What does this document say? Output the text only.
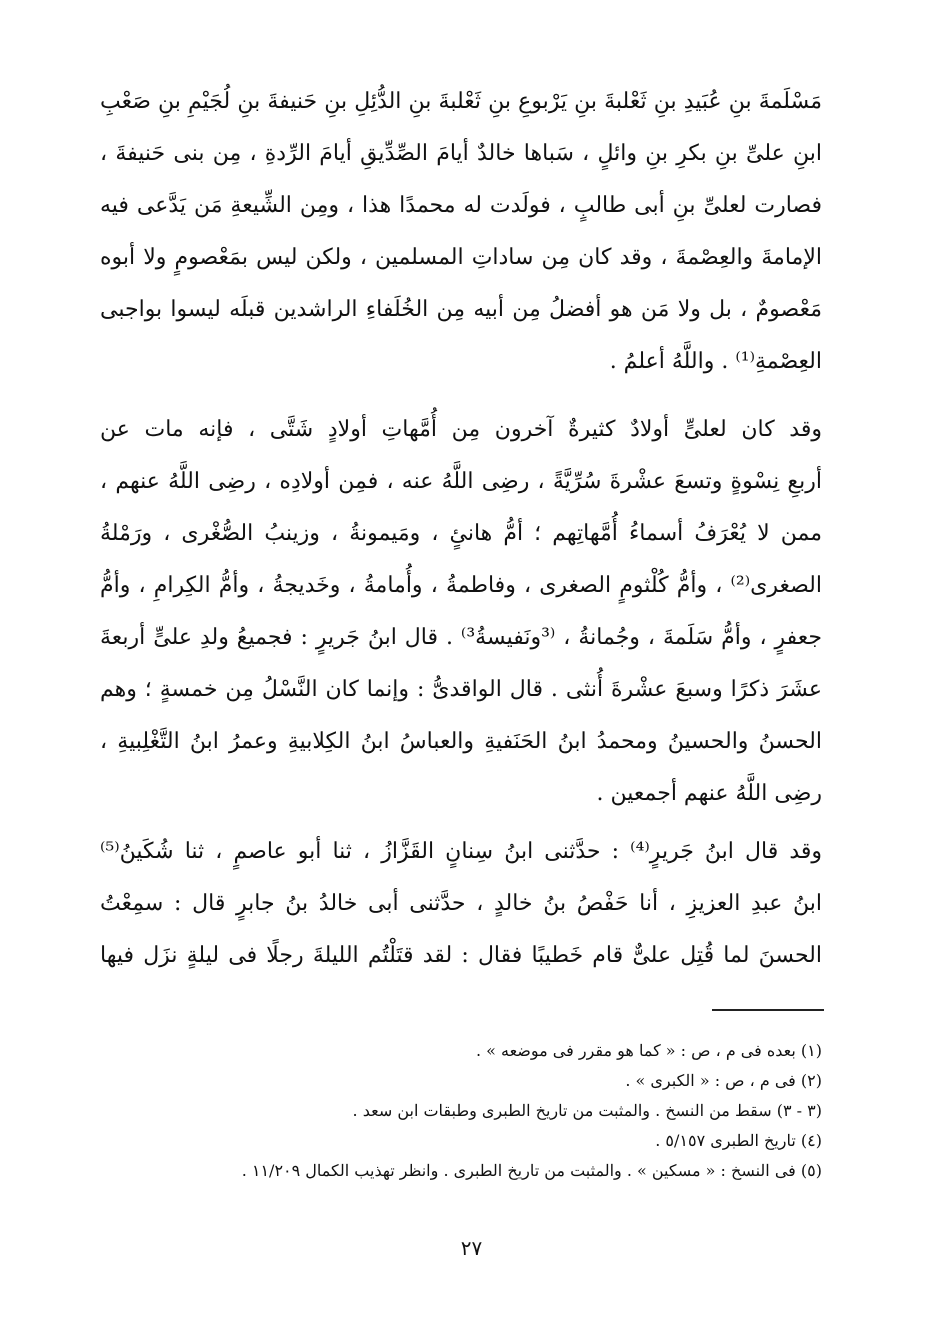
مَسْلَمةَ بنِ عُبَيدِ بنِ ثَعْلبةَ بنِ يَرْبوعِ بنِ ثَعْلبةَ بنِ الدُّئِلِ بنِ حَنيفةَ بنِ لُجَيْمِ بنِ صَعْبِ
ابنِ علىِّ بنِ بكرِ بنِ وائلٍ ، سَباها خالدٌ أيامَ الصِّدِّيقِ أيامَ الرِّدةِ ، مِن بنى حَنيفةَ ،
فصارت لعلىِّ بنِ أبى طالبٍ ، فولَدت له محمدًا هذا ، ومِن الشِّيعةِ مَن يَدَّعى فيه
الإمامةَ والعِصْمةَ ، وقد كان مِن ساداتِ المسلمين ، ولكن ليس بمَعْصومٍ ولا أبوه
مَعْصومٌ ، بل ولا مَن هو أفضلُ مِن أبيه مِن الخُلَفاءِ الراشدين قبلَه ليسوا بواجبى
العِصْمةِ⁽¹⁾ . واللَّهُ أعلمُ .
وقد كان لعلىٍّ أولادٌ كثيرةٌ آخرون مِن أُمَّهاتِ أولادٍ شَتَّى ، فإنه مات عن
أربعِ نِسْوةٍ وتسعَ عشْرةَ سُرِّيَّةً ، رضِى اللَّهُ عنه ، فمِن أولادِه ، رضِى اللَّهُ عنهم ،
ممن لا يُعْرَفُ أسماءُ أُمَّهاتِهم ؛ أمُّ هانئٍ ، ومَيمونةُ ، وزينبُ الصُّغْرى ، ورَمْلةُ
الصغرى⁽²⁾ ، وأمُّ كُلْثومٍ الصغرى ، وفاطمةُ ، وأُمامةُ ، وخَديجةُ ، وأمُّ الكِرامِ ، وأمُّ
جعفرٍ ، وأمُّ سَلَمةَ ، وجُمانةُ ، ⁽³ونَفيسةُ³⁾ . قال ابنُ جَريرٍ : فجميعُ ولدِ علىٍّ أربعةَ
عشَرَ ذكرًا وسبعَ عشْرةَ أُنثى . قال الواقدىُّ : وإنما كان النَّسْلُ مِن خمسةٍ ؛ وهم
الحسنُ والحسينُ ومحمدُ ابنُ الحَنَفيةِ والعباسُ ابنُ الكِلابيةِ وعمرُ ابنُ التَّغْلِبيةِ ،
رضِى اللَّهُ عنهم أجمعين .
وقد قال ابنُ جَريرٍ⁽⁴⁾ : حدَّثنى ابنُ سِنانٍ القَزَّازُ ، ثنا أبو عاصمٍ ، ثنا شُكَينُ⁽⁵⁾
ابنُ عبدِ العزيزِ ، أنا حَفْصُ بنُ خالدٍ ، حدَّثنى أبى خالدُ بنُ جابرٍ قال : سمِعْتُ
الحسنَ لما قُتِل علىٌّ قام خَطيبًا فقال : لقد قتَلْتُم الليلةَ رجلًا فى ليلةٍ نزَل فيها
(١) بعده فى م ، ص : « كما هو مقرر فى موضعه » .
(٢) فى م ، ص : « الكبرى » .
(٣ - ٣) سقط من النسخ . والمثبت من تاريخ الطبرى وطبقات ابن سعد .
(٤) تاريخ الطبرى ٥/١٥٧ .
(٥) فى النسخ : « مسكين » . والمثبت من تاريخ الطبرى . وانظر تهذيب الكمال ١١/٢٠٩ .
٢٧
